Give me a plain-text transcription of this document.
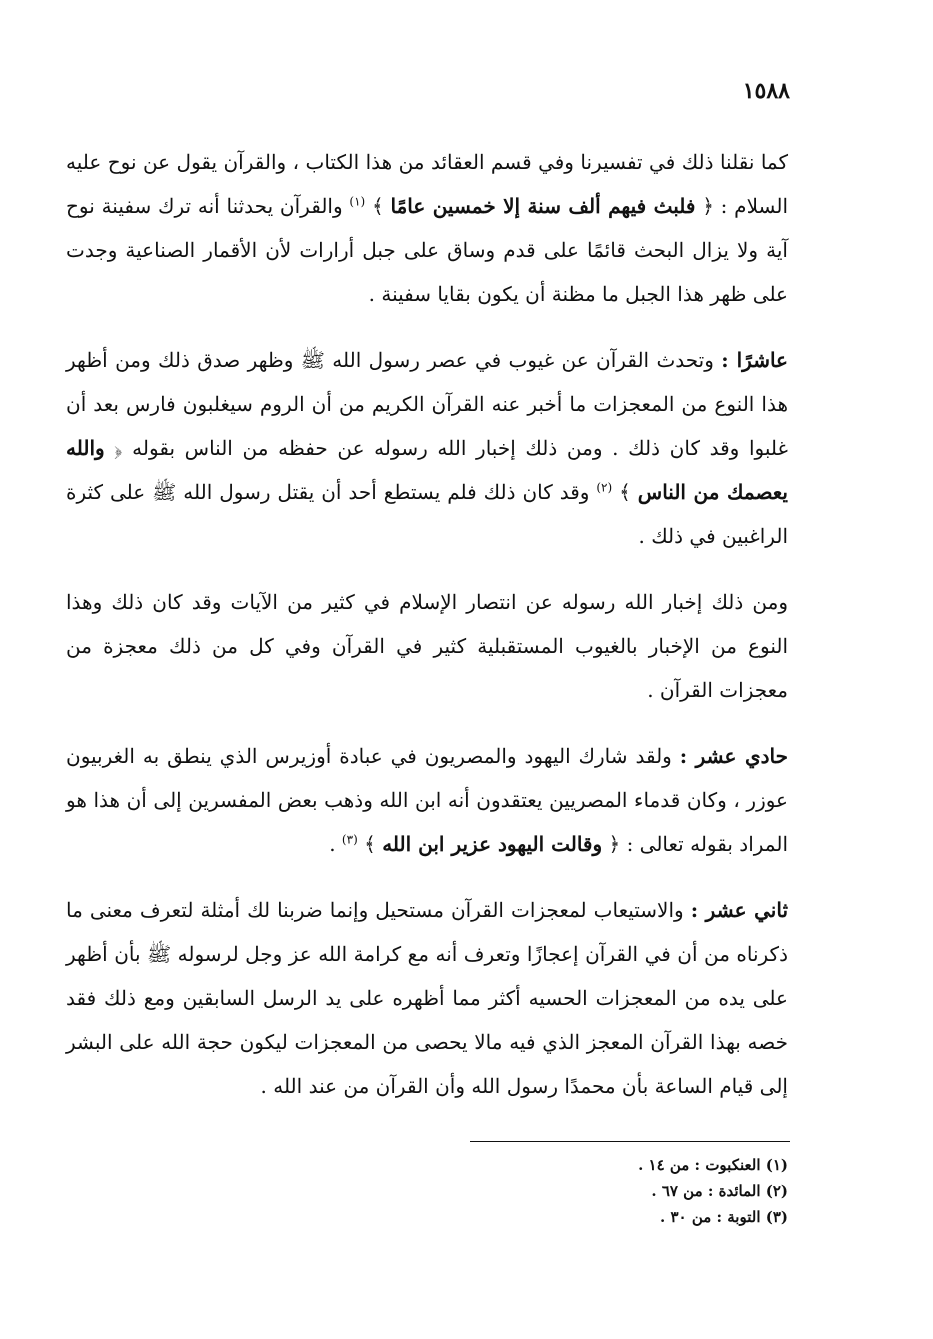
١٥٨٨

كما نقلنا ذلك في تفسيرنا وفي قسم العقائد من هذا الكتاب ، والقرآن يقول عن نوح عليه السلام : ﴿ فلبث فيهم ألف سنة إلا خمسين عامًا ﴾ $^{(١)}$ والقرآن يحدثنا أنه ترك سفينة نوح آية ولا يزال البحث قائمًا على قدم وساق على جبل أرارات لأن الأقمار الصناعية وجدت على ظهر هذا الجبل ما مظنة أن يكون بقايا سفينة .

عاشرًا : وتحدث القرآن عن غيوب في عصر رسول الله ﷺ وظهر صدق ذلك ومن أظهر هذا النوع من المعجزات ما أخبر عنه القرآن الكريم من أن الروم سيغلبون فارس بعد أن غلبوا وقد كان ذلك . ومن ذلك إخبار الله رسوله عن حفظه من الناس بقوله ﴿ والله يعصمك من الناس ﴾ $^{(٢)}$ وقد كان ذلك فلم يستطع أحد أن يقتل رسول الله ﷺ على كثرة الراغبين في ذلك .

ومن ذلك إخبار الله رسوله عن انتصار الإسلام في كثير من الآيات وقد كان ذلك وهذا النوع من الإخبار بالغيوب المستقبلية كثير في القرآن وفي كل من ذلك معجزة من معجزات القرآن .

حادي عشر : ولقد شارك اليهود والمصريون في عبادة أوزيرس الذي ينطق به الغربيون عوزر ، وكان قدماء المصريين يعتقدون أنه ابن الله وذهب بعض المفسرين إلى أن هذا هو المراد بقوله تعالى : ﴿ وقالت اليهود عزير ابن الله ﴾ $^{(٣)}$ .

ثاني عشر : والاستيعاب لمعجزات القرآن مستحيل وإنما ضربنا لك أمثلة لتعرف معنى ما ذكرناه من أن في القرآن إعجازًا وتعرف أنه مع كرامة الله عز وجل لرسوله ﷺ بأن أظهر على يده من المعجزات الحسيه أكثر مما أظهره على يد الرسل السابقين ومع ذلك فقد خصه بهذا القرآن المعجز الذي فيه مالا يحصى من المعجزات ليكون حجة الله على البشر إلى قيام الساعة بأن محمدًا رسول الله وأن القرآن من عند الله .

(١) العنكبوت : من ١٤ .
(٢) المائدة : من ٦٧ .
(٣) التوبة : من ٣٠ .
